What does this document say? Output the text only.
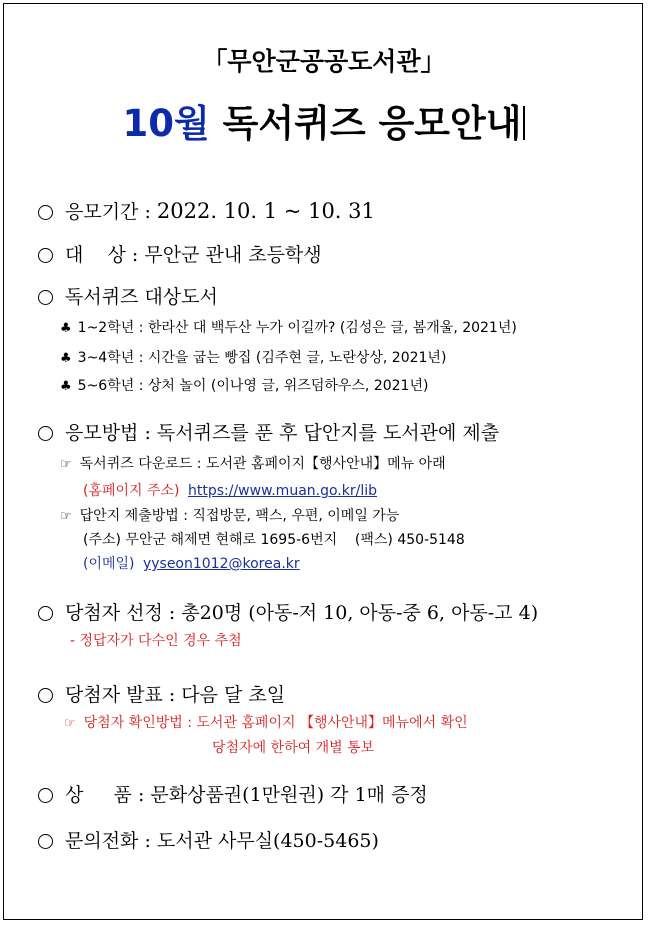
「무안군공공도서관」
10월 독서퀴즈 응모안내
응모기간 : 2022. 10. 1 ~ 10. 31
대    상 : 무안군 관내 초등학생
독서퀴즈 대상도서
♣ 1~2학년 : 한라산 대 백두산 누가 이길까? (김성은 글, 봄개울, 2021년)
♣ 3~4학년 : 시간을 굽는 빵집 (김주현 글, 노란상상, 2021년)
♣ 5~6학년 : 상처 놀이 (이나영 글, 위즈덤하우스, 2021년)
응모방법 : 독서퀴즈를 푼 후 답안지를 도서관에 제출
☞ 독서퀴즈 다운로드 : 도서관 홈페이지【행사안내】메뉴 아래
(홈페이지 주소) https://www.muan.go.kr/lib
☞ 답안지 제출방법 : 직접방문, 팩스, 우편, 이메일 가능
(주소) 무안군 해제면 현해로 1695-6번지    (팩스) 450-5148
(이메일) yyseon1012@korea.kr
당첨자 선정 : 총20명 (아동-저 10, 아동-중 6, 아동-고 4)
- 정답자가 다수인 경우 추첨
당첨자 발표 : 다음 달 초일
☞ 당첨자 확인방법 : 도서관 홈페이지 【행사안내】메뉴에서 확인
당첨자에 한하여 개별 통보
상     품 : 문화상품권(1만원권) 각 1매 증정
문의전화 : 도서관 사무실(450-5465)
